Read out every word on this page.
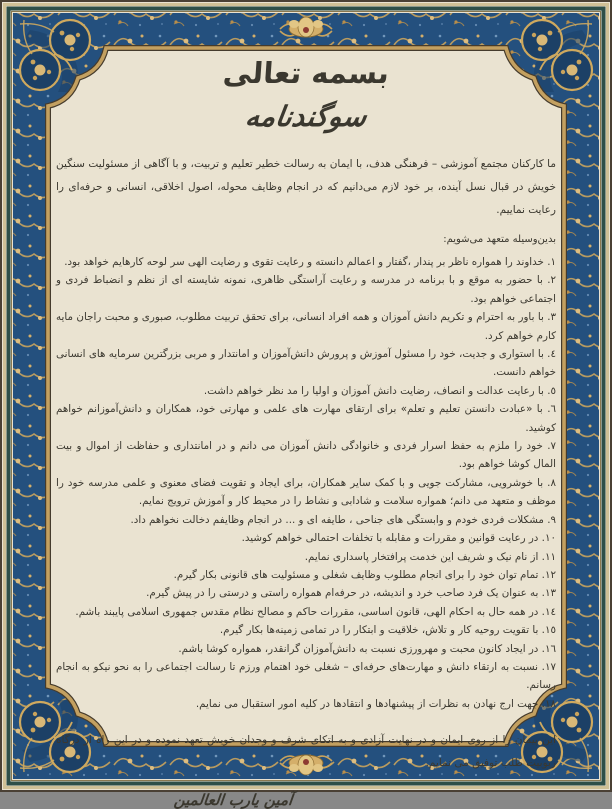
بسمه تعالی
سوگندنامه

ما کارکنان مجتمع آموزشی – فرهنگی هدف، با ایمان به رسالت خطیر تعلیم و تربیت، و با آگاهی از مسئولیت سنگین خویش در قبال نسل آینده، بر خود لازم می‌دانیم که در انجام وظایف محوله، اصول اخلاقی، انسانی و حرفه‌ای را رعایت نماییم.

بدین‌وسیله متعهد می‌شویم:

١. خداوند را همواره ناظر بر پندار ،گفتار و اعمالم دانسته و رعایت تقوی و رضایت الهی سر لوحه کارهایم خواهد بود.
٢. با حضور به موقع و با برنامه در مدرسه و رعایت آراستگی ظاهری، نمونه شایسته ای از نظم و انضباط فردی و اجتماعی خواهم بود.
٣. با باور به احترام و تکریم دانش آموزان و همه افراد انسانی، برای تحقق تربیت مطلوب، صبوری و محبت راجان مایه کارم خواهم کرد.
٤. با استواری و جدیت، خود را مسئول آموزش و پرورش دانش‌آموزان و امانتدار و مربی بزرگترین سرمایه های انسانی خواهم دانست.
٥. با رعایت عدالت و انصاف، رضایت دانش آموزان و اولیا را مد نظر خواهم داشت.
٦. با «عبادت دانستن تعلیم و تعلم» برای ارتقای مهارت های علمی و مهارتی خود، همکاران و دانش‌آموزانم خواهم کوشید.
٧. خود را ملزم به حفظ اسرار فردی و خانوادگی دانش آموزان می دانم و در امانتداری و حفاظت از اموال و بیت المال کوشا خواهم بود.
٨. با خوشرویی، مشارکت جویی و با کمک سایر همکاران، برای ایجاد و تقویت فضای معنوی و علمی مدرسه خود را موظف و متعهد می دانم؛ همواره سلامت و شادابی و نشاط را در محیط کار و آموزش ترویج نمایم.
٩. مشکلات فردی خودم و وابستگی های جناحی ، طایفه ای و ... در انجام وظایفم دخالت نخواهم داد.
١٠. در رعایت قوانین و مقررات و مقابله با تخلفات احتمالی خواهم کوشید.
١١. از نام نیک و شریف این خدمت پرافتخار پاسداری نمایم.
١٢. تمام توان خود را برای انجام مطلوب وظایف شغلی و مسئولیت های قانونی بکار گیرم.
١٣. به عنوان یک فرد صاحب خرد و اندیشه، در حرفه‌ام همواره راستی و درستی را در پیش گیرم.
١٤. در همه حال به احکام الهی، قانون اساسی، مقررات حاکم و مصالح نظام مقدس جمهوری اسلامی پایبند باشم.
١٥. با تقویت روحیه کار و تلاش، خلاقیت و ابتکار را در تمامی زمینه‌ها بکار گیرم.
١٦. در ایجاد کانون محبت و مهرورزی نسبت به دانش‌آموزان گرانقدر، همواره کوشا باشم.
١٧. نسبت به ارتقاء دانش و مهارت‌های حرفه‌ای – شغلی خود اهتمام ورزم تا رسالت اجتماعی را به نحو نیکو به انجام رسانم.
١٨. جهت ارج نهادن به نظرات از پیشنهادها و انتقادها در کلیه امور استقبال می نمایم.

این پیمان را از روی ایمان و در نهایت آزادی و به اتکای شرف و وجدان خویش تعهد نموده و در این راه از درگاه ربوبیت طلب توفیق می نمایم.

آمین یارب العالمین
